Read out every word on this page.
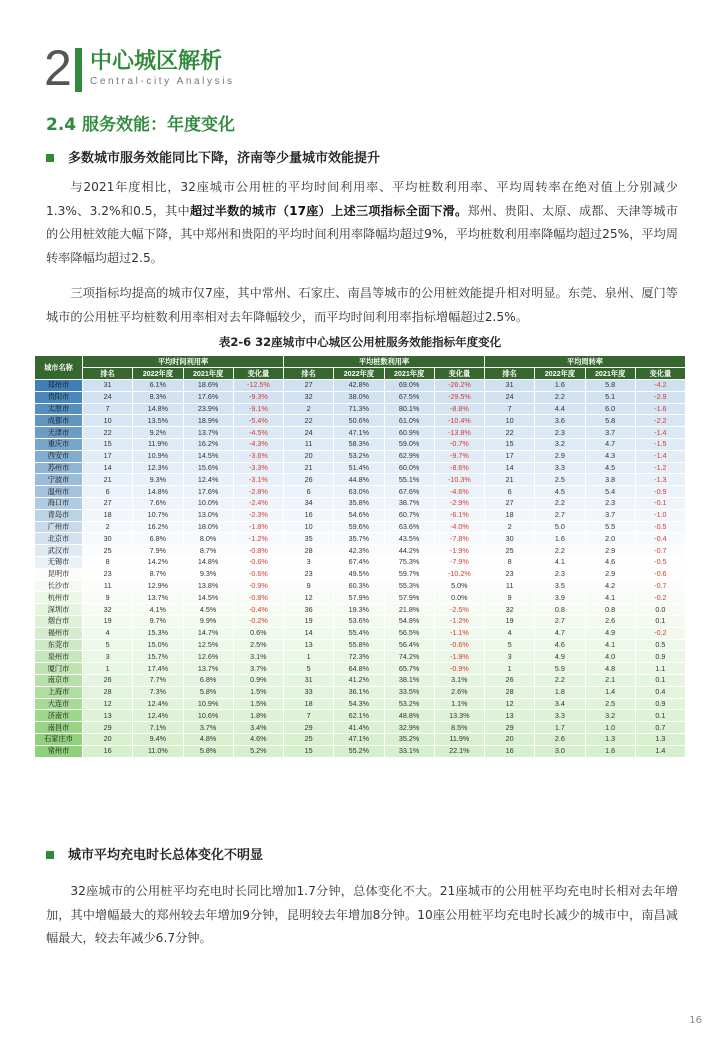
2 中心城区解析
Central-city Analysis
2.4 服务效能：年度变化
多数城市服务效能同比下降，济南等少量城市效能提升
与2021年度相比，32座城市公用桩的平均时间利用率、平均桩数利用率、平均周转率在绝对值上分别减少1.3%、3.2%和0.5，其中超过半数的城市（17座）上述三项指标全面下滑。郑州、贵阳、太原、成都、天津等城市的公用桩效能大幅下降，其中郑州和贵阳的平均时间利用率降幅均超过9%，平均桩数利用率降幅均超过25%，平均周转率降幅均超过2.5。
三项指标均提高的城市仅7座，其中常州、石家庄、南昌等城市的公用桩效能提升相对明显。东莞、泉州、厦门等城市的公用桩平均桩数利用率相对去年降幅较少，而平均时间利用率指标增幅超过2.5%。
表2-6 32座城市中心城区公用桩服务效能指标年度变化
城市名称	平均时间利用率				平均桩数利用率				平均周转率			
	排名	2022年度	2021年度	变化量	排名	2022年度	2021年度	变化量	排名	2022年度	2021年度	变化量
郑州市	31	6.1%	18.6%	-12.5%	27	42.8%	69.0%	-26.2%	31	1.6	5.8	-4.2
贵阳市	24	8.3%	17.6%	-9.3%	32	38.0%	67.5%	-29.5%	24	2.2	5.1	-2.9
太原市	7	14.8%	23.9%	-9.1%	2	71.3%	80.1%	-8.8%	7	4.4	6.0	-1.6
成都市	10	13.5%	18.9%	-5.4%	22	50.6%	61.0%	-10.4%	10	3.6	5.8	-2.2
天津市	22	9.2%	13.7%	-4.5%	24	47.1%	60.9%	-13.8%	22	2.3	3.7	-1.4
重庆市	15	11.9%	16.2%	-4.3%	11	58.3%	59.0%	-0.7%	15	3.2	4.7	-1.5
西安市	17	10.9%	14.5%	-3.6%	20	53.2%	62.9%	-9.7%	17	2.9	4.3	-1.4
苏州市	14	12.3%	15.6%	-3.3%	21	51.4%	60.0%	-8.6%	14	3.3	4.5	-1.2
宁波市	21	9.3%	12.4%	-3.1%	26	44.8%	55.1%	-10.3%	21	2.5	3.8	-1.3
温州市	6	14.8%	17.6%	-2.8%	6	63.0%	67.6%	-4.6%	6	4.5	5.4	-0.9
海口市	27	7.6%	10.0%	-2.4%	34	35.8%	38.7%	-2.9%	27	2.2	2.3	-0.1
青岛市	18	10.7%	13.0%	-2.3%	16	54.6%	60.7%	-6.1%	18	2.7	3.7	-1.0
广州市	2	16.2%	18.0%	-1.8%	10	59.6%	63.6%	-4.0%	2	5.0	5.5	-0.5
北京市	30	6.8%	8.0%	-1.2%	35	35.7%	43.5%	-7.8%	30	1.6	2.0	-0.4
武汉市	25	7.9%	8.7%	-0.8%	28	42.3%	44.2%	-1.9%	25	2.2	2.9	-0.7
无锡市	8	14.2%	14.8%	-0.6%	3	67.4%	75.3%	-7.9%	8	4.1	4.6	-0.5
昆明市	23	8.7%	9.3%	-0.6%	23	49.5%	59.7%	-10.2%	23	2.3	2.9	-0.6
长沙市	11	12.9%	13.8%	-0.9%	9	60.3%	55.3%	5.0%	11	3.5	4.2	-0.7
杭州市	9	13.7%	14.5%	-0.8%	12	57.9%	57.9%	0.0%	9	3.9	4.1	-0.2
深圳市	32	4.1%	4.5%	-0.4%	36	19.3%	21.8%	-2.5%	32	0.8	0.8	0.0
烟台市	19	9.7%	9.9%	-0.2%	19	53.6%	54.8%	-1.2%	19	2.7	2.6	0.1
福州市	4	15.3%	14.7%	0.6%	14	55.4%	56.5%	-1.1%	4	4.7	4.9	-0.2
东莞市	5	15.0%	12.5%	2.5%	13	55.8%	56.4%	-0.6%	5	4.6	4.1	0.5
泉州市	3	15.7%	12.6%	3.1%	1	72.3%	74.2%	-1.9%	3	4.9	4.0	0.9
厦门市	1	17.4%	13.7%	3.7%	5	64.8%	65.7%	-0.9%	1	5.9	4.8	1.1
南京市	26	7.7%	6.8%	0.9%	31	41.2%	38.1%	3.1%	26	2.2	2.1	0.1
上海市	28	7.3%	5.8%	1.5%	33	36.1%	33.5%	2.6%	28	1.8	1.4	0.4
大连市	12	12.4%	10.9%	1.5%	18	54.3%	53.2%	1.1%	12	3.4	2.5	0.9
济南市	13	12.4%	10.6%	1.8%	7	62.1%	48.8%	13.3%	13	3.3	3.2	0.1
南昌市	29	7.1%	3.7%	3.4%	29	41.4%	32.9%	8.5%	29	1.7	1.0	0.7
石家庄市	20	9.4%	4.8%	4.6%	25	47.1%	35.2%	11.9%	20	2.6	1.3	1.3
常州市	16	11.0%	5.8%	5.2%	15	55.2%	33.1%	22.1%	16	3.0	1.6	1.4
城市平均充电时长总体变化不明显
32座城市的公用桩平均充电时长同比增加1.7分钟，总体变化不大。21座城市的公用桩平均充电时长相对去年增加，其中增幅最大的郑州较去年增加9分钟，昆明较去年增加8分钟。10座公用桩平均充电时长减少的城市中，南昌减幅最大，较去年减少6.7分钟。
16
